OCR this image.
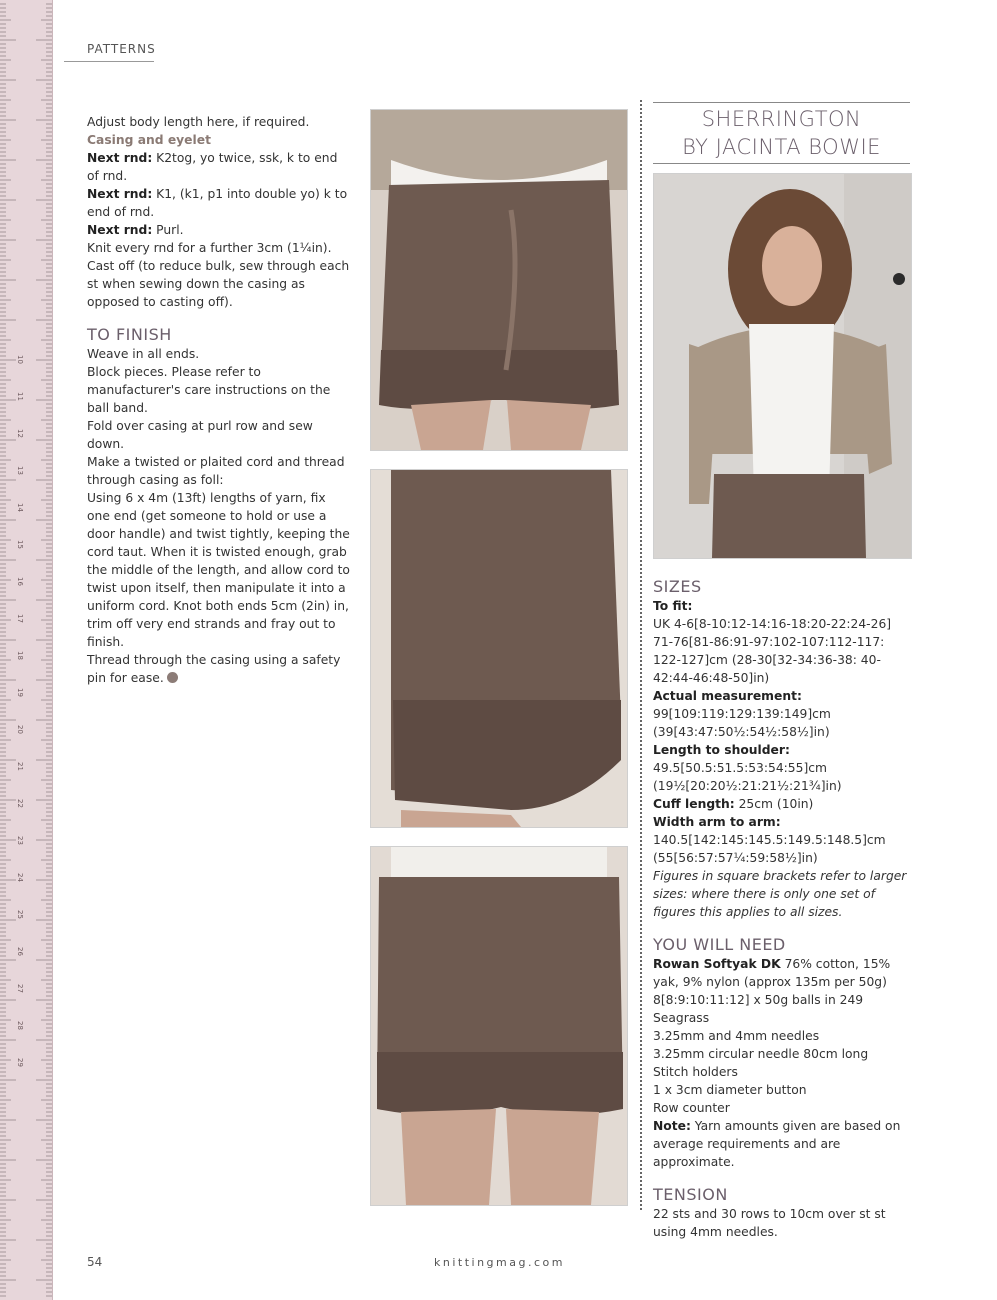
10
11
12
13
14
15
16
17
18
19
20
21
22
23
24
25
26
27
28
29
PATTERNS

Adjust body length here, if required.

Casing and eyelet

Next rnd: K2tog, yo twice, ssk, k to end of rnd.

Next rnd: K1, (k1, p1 into double yo) k to end of rnd.

Next rnd: Purl.

Knit every rnd for a further 3cm (1¼in).

Cast off (to reduce bulk, sew through each st when sewing down the casing as opposed to casting off).

TO FINISH

Weave in all ends.

Block pieces. Please refer to manufacturer's care instructions on the ball band.

Fold over casing at purl row and sew down.

Make a twisted or plaited cord and thread through casing as foll:

Using 6 x 4m (13ft) lengths of yarn, fix one end (get someone to hold or use a door handle) and twist tightly, keeping the cord taut. When it is twisted enough, grab the middle of the length, and allow cord to twist upon itself, then manipulate it into a uniform cord. Knot both ends 5cm (2in) in, trim off very end strands and fray out to finish.

Thread through the casing using a safety pin for ease.

SHERRINGTON
BY JACINTA BOWIE

SIZES

To fit:

UK 4-6[8-10:12-14:16-18:20-22:24-26]

71-76[81-86:91-97:102-107:112-117: 122-127]cm (28-30[32-34:36-38: 40-42:44-46:48-50]in)

Actual measurement:

99[109:119:129:139:149]cm (39[43:47:50½:54½:58½]in)

Length to shoulder:

49.5[50.5:51.5:53:54:55]cm (19½[20:20½:21:21½:21¾]in)

Cuff length: 25cm (10in)

Width arm to arm:

140.5[142:145:145.5:149.5:148.5]cm (55[56:57:57¼:59:58½]in)

Figures in square brackets refer to larger sizes: where there is only one set of figures this applies to all sizes.

YOU WILL NEED

Rowan Softyak DK 76% cotton, 15% yak, 9% nylon (approx 135m per 50g)

8[8:9:10:11:12] x 50g balls in 249 Seagrass

3.25mm and 4mm needles

3.25mm circular needle 80cm long

Stitch holders

1 x 3cm diameter button

Row counter

Note: Yarn amounts given are based on average requirements and are approximate.

TENSION

22 sts and 30 rows to 10cm over st st using 4mm needles.

54	knittingmag.com
